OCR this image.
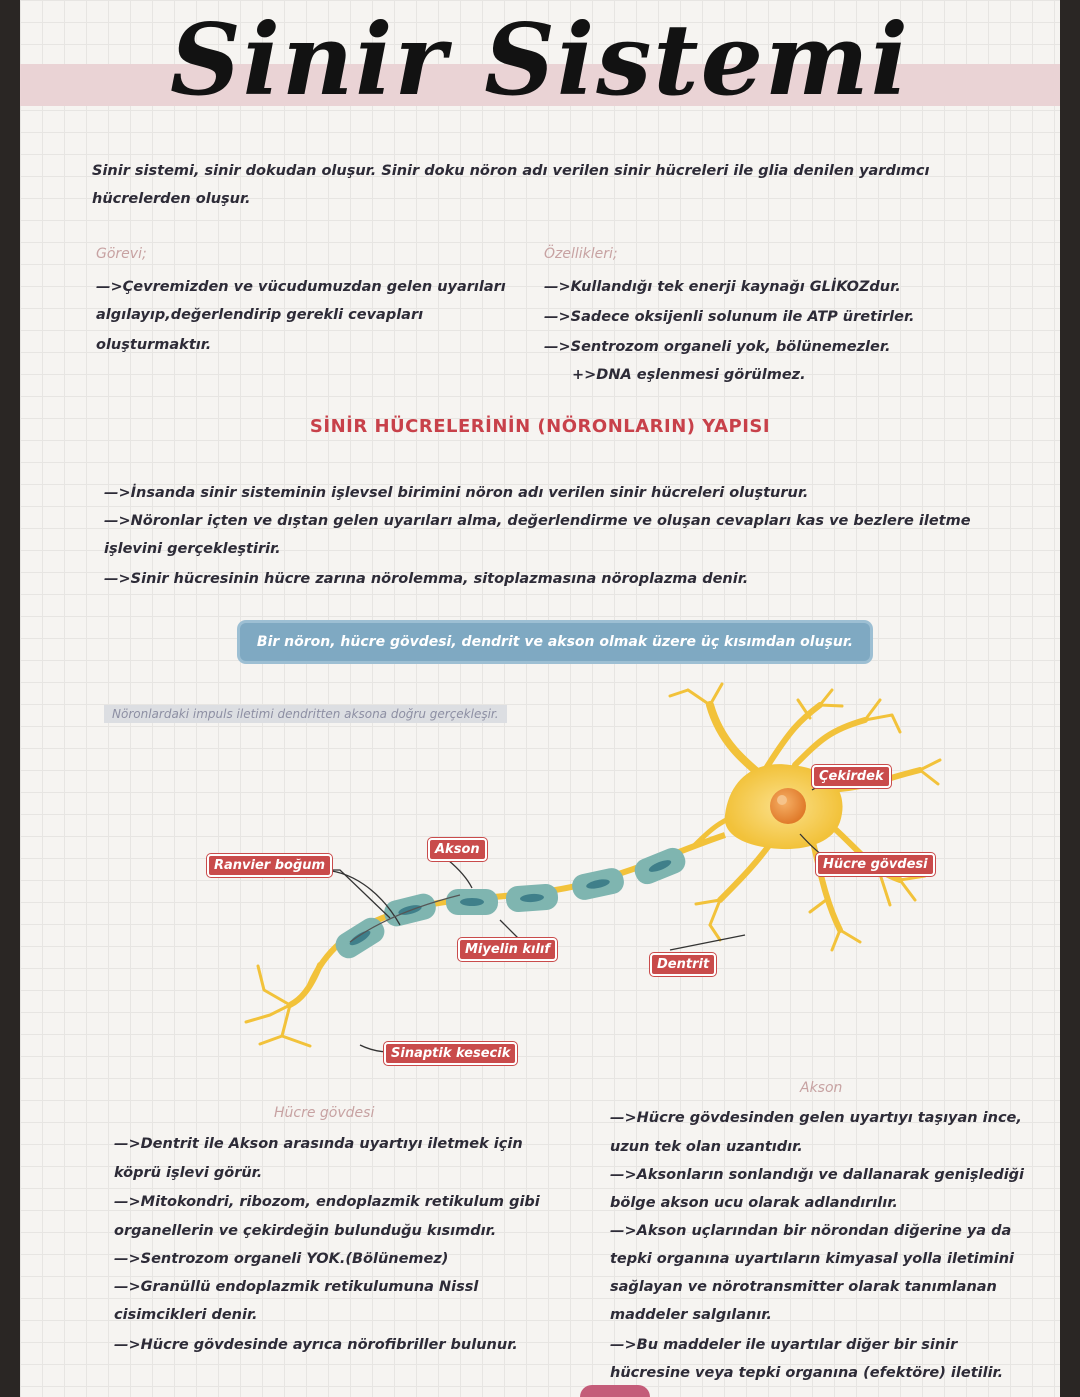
Sinir Sistemi
Sinir sistemi, sinir dokudan oluşur. Sinir doku nöron adı verilen sinir hücreleri ile glia denilen yardımcı
hücrelerden oluşur.
Görevi;
—>Çevremizden ve vücudumuzdan gelen uyarıları
algılayıp,değerlendirip gerekli cevapları
oluşturmaktır.
Özellikleri;
—>Kullandığı tek enerji kaynağı GLİKOZdur.
—>Sadece oksijenli solunum ile ATP üretirler.
—>Sentrozom organeli yok, bölünemezler.
+>DNA eşlenmesi görülmez.
SİNİR HÜCRELERİNİN (NÖRONLARIN) YAPISI
—>İnsanda sinir sisteminin işlevsel birimini nöron adı verilen sinir hücreleri oluşturur.
—>Nöronlar içten ve dıştan gelen uyarıları alma, değerlendirme ve oluşan cevapları kas ve bezlere iletme
işlevini gerçekleştirir.
—>Sinir hücresinin hücre zarına nörolemma, sitoplazmasına nöroplazma denir.
Bir nöron, hücre gövdesi, dendrit ve akson olmak üzere üç kısımdan oluşur.
Nöronlardaki impuls iletimi dendritten aksona doğru gerçekleşir.
Çekirdek
Hücre gövdesi
Akson
Ranvier boğum
Miyelin kılıf
Dentrit
Sinaptik kesecik
Hücre gövdesi
—>Dentrit ile Akson arasında uyartıyı iletmek için
köprü işlevi görür.
—>Mitokondri, ribozom, endoplazmik retikulum gibi
organellerin ve çekirdeğin bulunduğu kısımdır.
—>Sentrozom organeli YOK.(Bölünemez)
—>Granüllü endoplazmik retikulumuna Nissl
cisimcikleri denir.
—>Hücre gövdesinde ayrıca nörofibriller bulunur.
Akson
—>Hücre gövdesinden gelen uyartıyı taşıyan ince,
uzun tek olan uzantıdır.
—>Aksonların sonlandığı ve dallanarak genişlediği
bölge akson ucu olarak adlandırılır.
—>Akson uçlarından bir nörondan diğerine ya da
tepki organına uyartıların kimyasal yolla iletimini
sağlayan ve nörotransmitter olarak tanımlanan
maddeler salgılanır.
—>Bu maddeler ile uyartılar diğer bir sinir
hücresine veya tepki organına (efektöre) iletilir.
